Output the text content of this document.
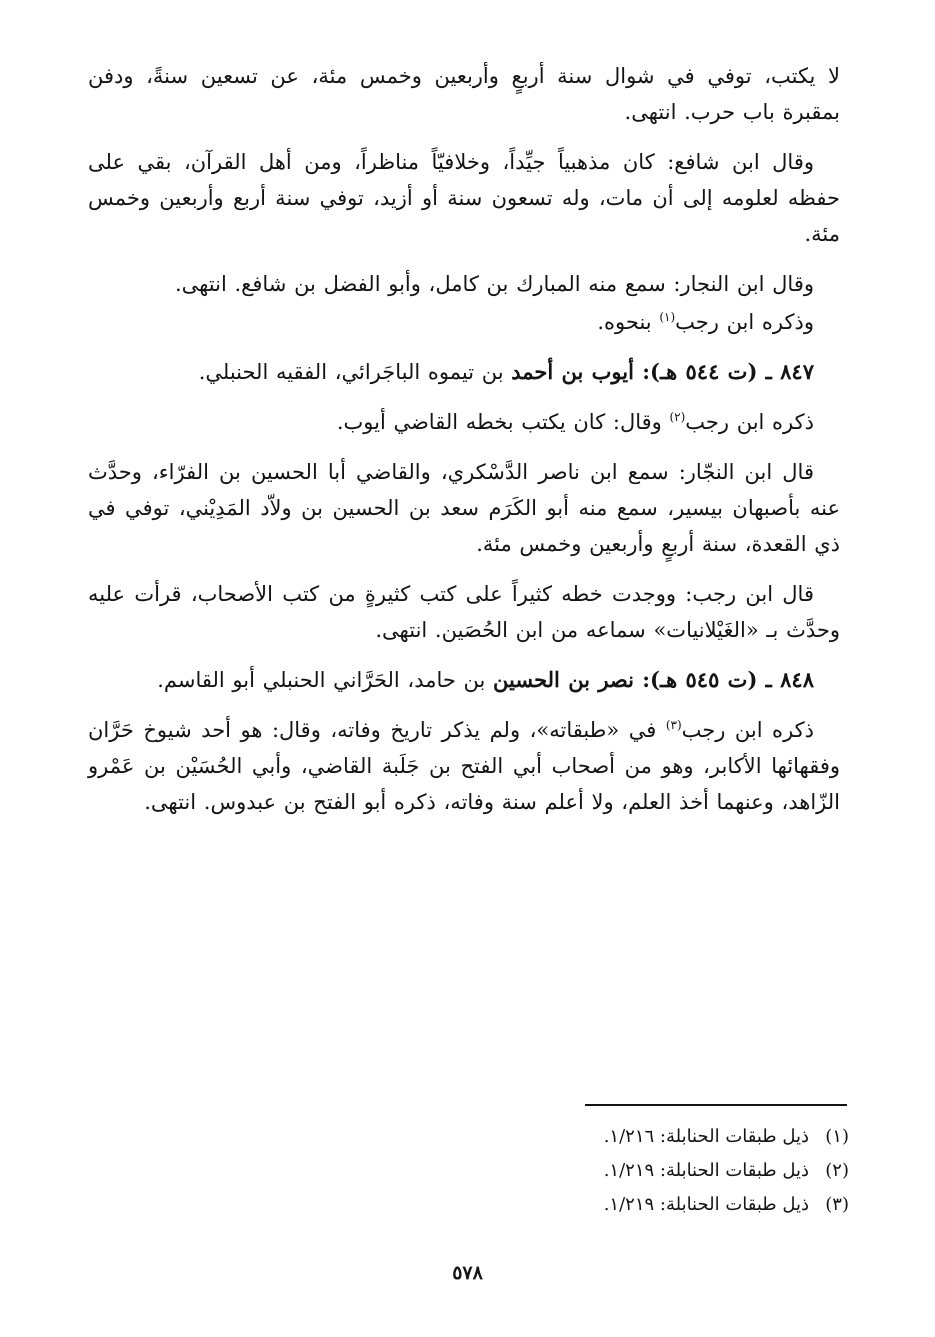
لا يكتب، توفي في شوال سنة أربعٍ وأربعين وخمس مئة، عن تسعين سنةً، ودفن بمقبرة باب حرب. انتهى.

وقال ابن شافع: كان مذهبياً جيِّداً، وخلافيّاً مناظراً، ومن أهل القرآن، بقي على حفظه لعلومه إلى أن مات، وله تسعون سنة أو أزيد، توفي سنة أربع وأربعين وخمس مئة.

وقال ابن النجار: سمع منه المبارك بن كامل، وأبو الفضل بن شافع. انتهى.

وذكره ابن رجب$^{(١)}$ بنحوه.

٨٤٧ ـ (ت ٥٤٤ هـ): أيوب بن أحمد بن تيموه الباجَرائي، الفقيه الحنبلي.

ذكره ابن رجب$^{(٢)}$ وقال: كان يكتب بخطه القاضي أيوب.

قال ابن النجّار: سمع ابن ناصر الدَّسْكري، والقاضي أبا الحسين بن الفرّاء، وحدَّث عنه بأصبهان بيسير، سمع منه أبو الكَرَم سعد بن الحسين بن ولاّد المَدِيْني، توفي في ذي القعدة، سنة أربعٍ وأربعين وخمس مئة.

قال ابن رجب: ووجدت خطه كثيراً على كتب كثيرةٍ من كتب الأصحاب، قرأت عليه وحدَّث بـ «الغَيْلانيات» سماعه من ابن الحُصَين. انتهى.

٨٤٨ ـ (ت ٥٤٥ هـ): نصر بن الحسين بن حامد، الحَرَّاني الحنبلي أبو القاسم.

ذكره ابن رجب$^{(٣)}$ في «طبقاته»، ولم يذكر تاريخ وفاته، وقال: هو أحد شيوخ حَرَّان وفقهائها الأكابر، وهو من أصحاب أبي الفتح بن جَلَبة القاضي، وأبي الحُسَيْن بن عَمْرو الزّاهد، وعنهما أخذ العلم، ولا أعلم سنة وفاته، ذكره أبو الفتح بن عبدوس. انتهى.

(١)ذيل طبقات الحنابلة: ١/٢١٦.
(٢)ذيل طبقات الحنابلة: ١/٢١٩.
(٣)ذيل طبقات الحنابلة: ١/٢١٩.
٥٧٨
